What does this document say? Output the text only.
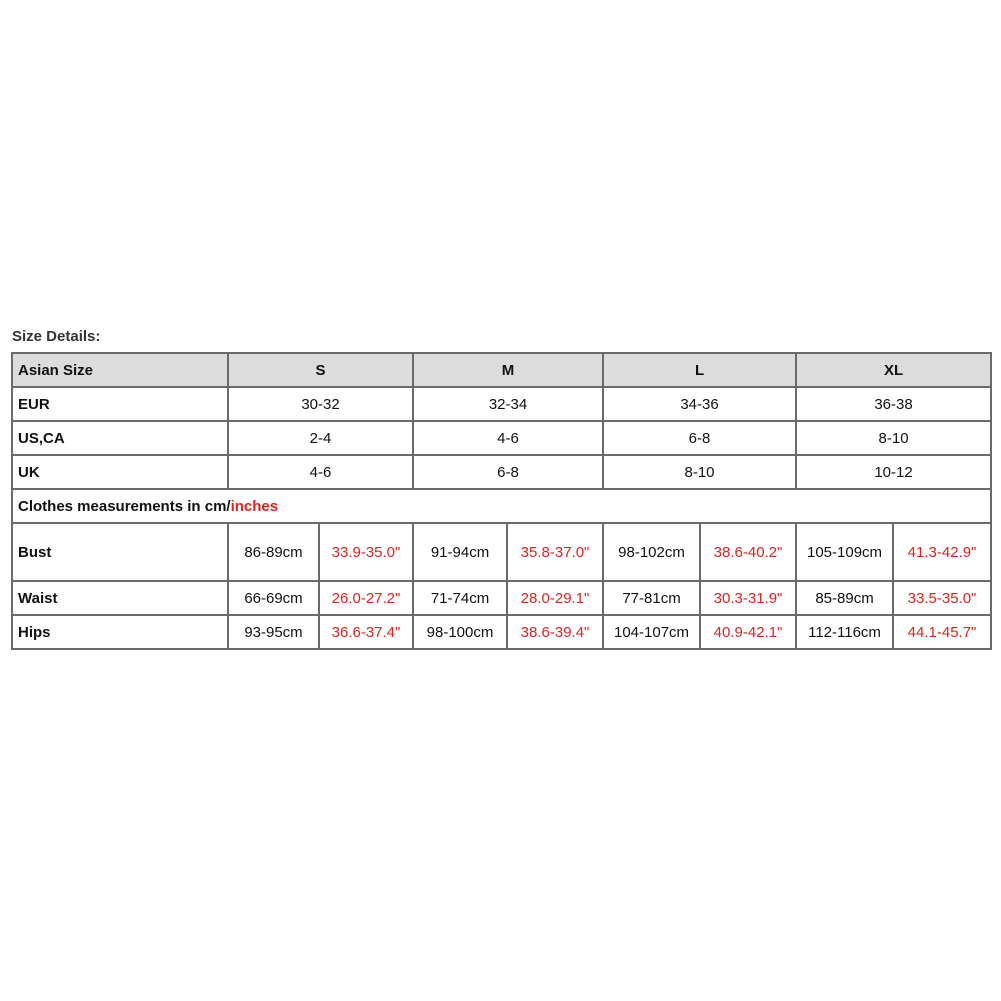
Size Details:
Asian Size	S		M		L		XL	
EUR	30-32		32-34		34-36		36-38	
US,CA	2-4		4-6		6-8		8-10	
UK	4-6		6-8		8-10		10-12	
Clothes measurements in cm/inches								
Bust	86-89cm	33.9-35.0"	91-94cm	35.8-37.0"	98-102cm	38.6-40.2"	105-109cm	41.3-42.9"
Waist	66-69cm	26.0-27.2"	71-74cm	28.0-29.1"	77-81cm	30.3-31.9"	85-89cm	33.5-35.0"
Hips	93-95cm	36.6-37.4"	98-100cm	38.6-39.4"	104-107cm	40.9-42.1"	112-116cm	44.1-45.7"
